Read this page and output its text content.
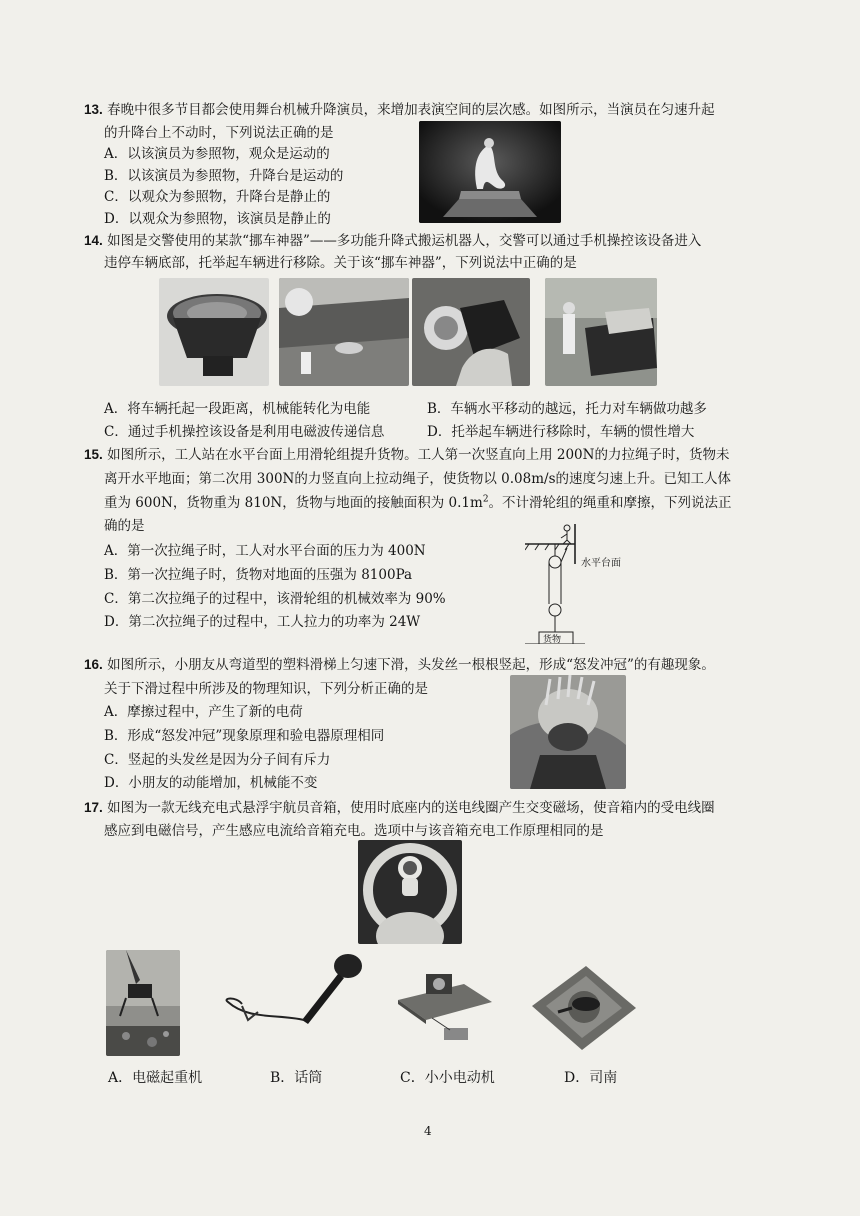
13. 春晚中很多节目都会使用舞台机械升降演员，来增加表演空间的层次感。如图所示，当演员在匀速升起
的升降台上不动时，下列说法正确的是
A．以该演员为参照物，观众是运动的
B．以该演员为参照物，升降台是运动的
C．以观众为参照物，升降台是静止的
D．以观众为参照物，该演员是静止的
14. 如图是交警使用的某款“挪车神器”——多功能升降式搬运机器人，交警可以通过手机操控该设备进入
违停车辆底部，托举起车辆进行移除。关于该“挪车神器”，下列说法中正确的是
A．将车辆托起一段距离，机械能转化为电能	B．车辆水平移动的越远，托力对车辆做功越多
C．通过手机操控该设备是利用电磁波传递信息	D．托举起车辆进行移除时，车辆的惯性增大
15. 如图所示，工人站在水平台面上用滑轮组提升货物。工人第一次竖直向上用 200N的力拉绳子时，货物未
离开水平地面；第二次用 300N的力竖直向上拉动绳子，使货物以 0.08m/s的速度匀速上升。已知工人体
重为 600N，货物重为 810N，货物与地面的接触面积为 $0.1m^2$。不计滑轮组的绳重和摩擦，下列说法正
确的是
A．第一次拉绳子时，工人对水平台面的压力为 400N
B．第一次拉绳子时，货物对地面的压强为 8100Pa
C．第二次拉绳子的过程中，该滑轮组的机械效率为 90%
D．第二次拉绳子的过程中，工人拉力的功率为 24W
水平台面
货物
16. 如图所示，小朋友从弯道型的塑料滑梯上匀速下滑，头发丝一根根竖起，形成“怒发冲冠”的有趣现象。
关于下滑过程中所涉及的物理知识，下列分析正确的是
A．摩擦过程中，产生了新的电荷
B．形成“怒发冲冠”现象原理和验电器原理相同
C．竖起的头发丝是因为分子间有斥力
D．小朋友的动能增加，机械能不变
17. 如图为一款无线充电式悬浮宇航员音箱，使用时底座内的送电线圈产生交变磁场，使音箱内的受电线圈
感应到电磁信号，产生感应电流给音箱充电。选项中与该音箱充电工作原理相同的是
A．电磁起重机	B．话筒	C．小小电动机	D．司南
4
